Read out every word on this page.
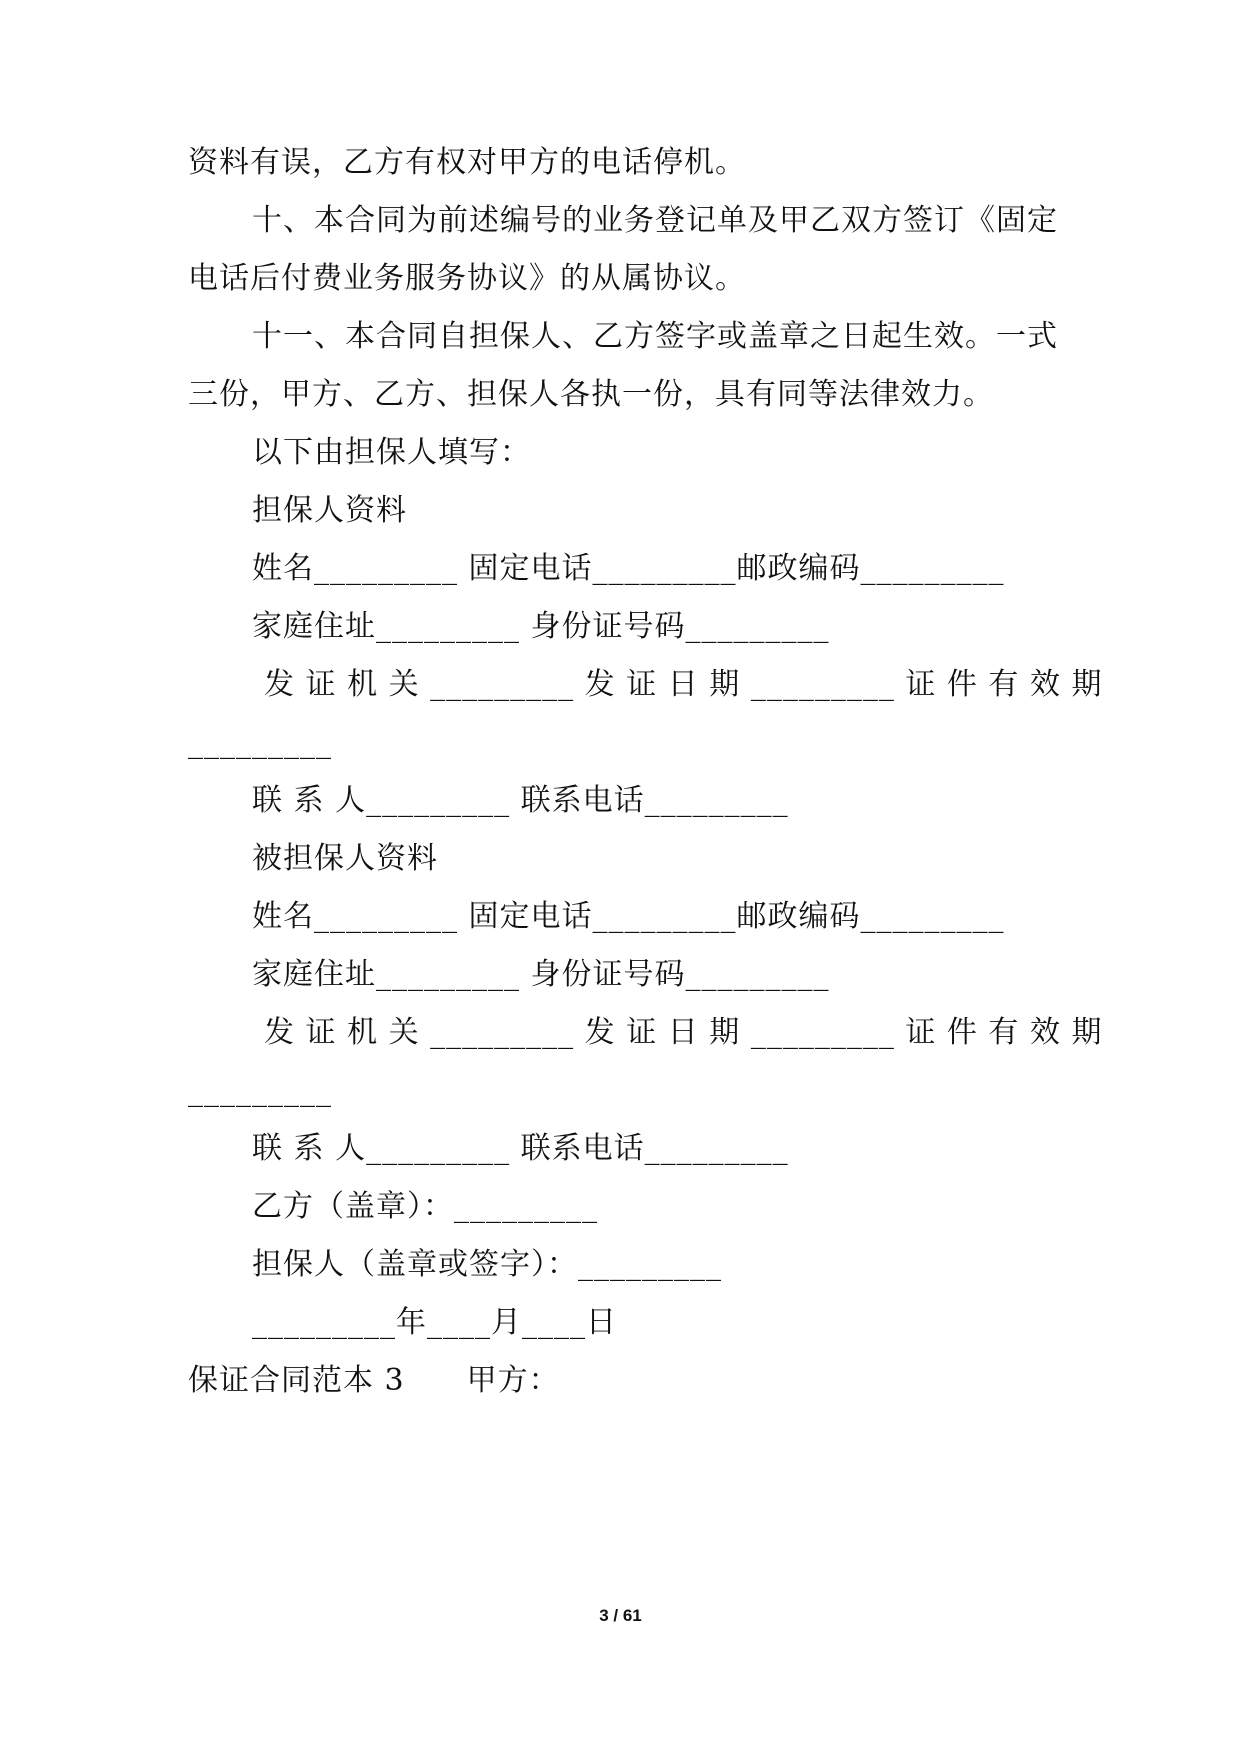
资料有误，乙方有权对甲方的电话停机。
十、本合同为前述编号的业务登记单及甲乙双方签订《固定
电话后付费业务服务协议》的从属协议。
十一、本合同自担保人、乙方签字或盖章之日起生效。一式
三份，甲方、乙方、担保人各执一份，具有同等法律效力。
以下由担保人填写：
担保人资料
姓名_________ 固定电话_________邮政编码_________
家庭住址_________ 身份证号码_________
发 证 机 关 _________ 发 证 日 期 _________ 证 件 有 效 期
_________
联 系 人_________ 联系电话_________
被担保人资料
姓名_________ 固定电话_________邮政编码_________
家庭住址_________ 身份证号码_________
发 证 机 关 _________ 发 证 日 期 _________ 证 件 有 效 期
_________
联 系 人_________ 联系电话_________
乙方（盖章）：_________
担保人（盖章或签字）：_________
_________年____月____日
保证合同范本 3　　甲方：
3 / 61
